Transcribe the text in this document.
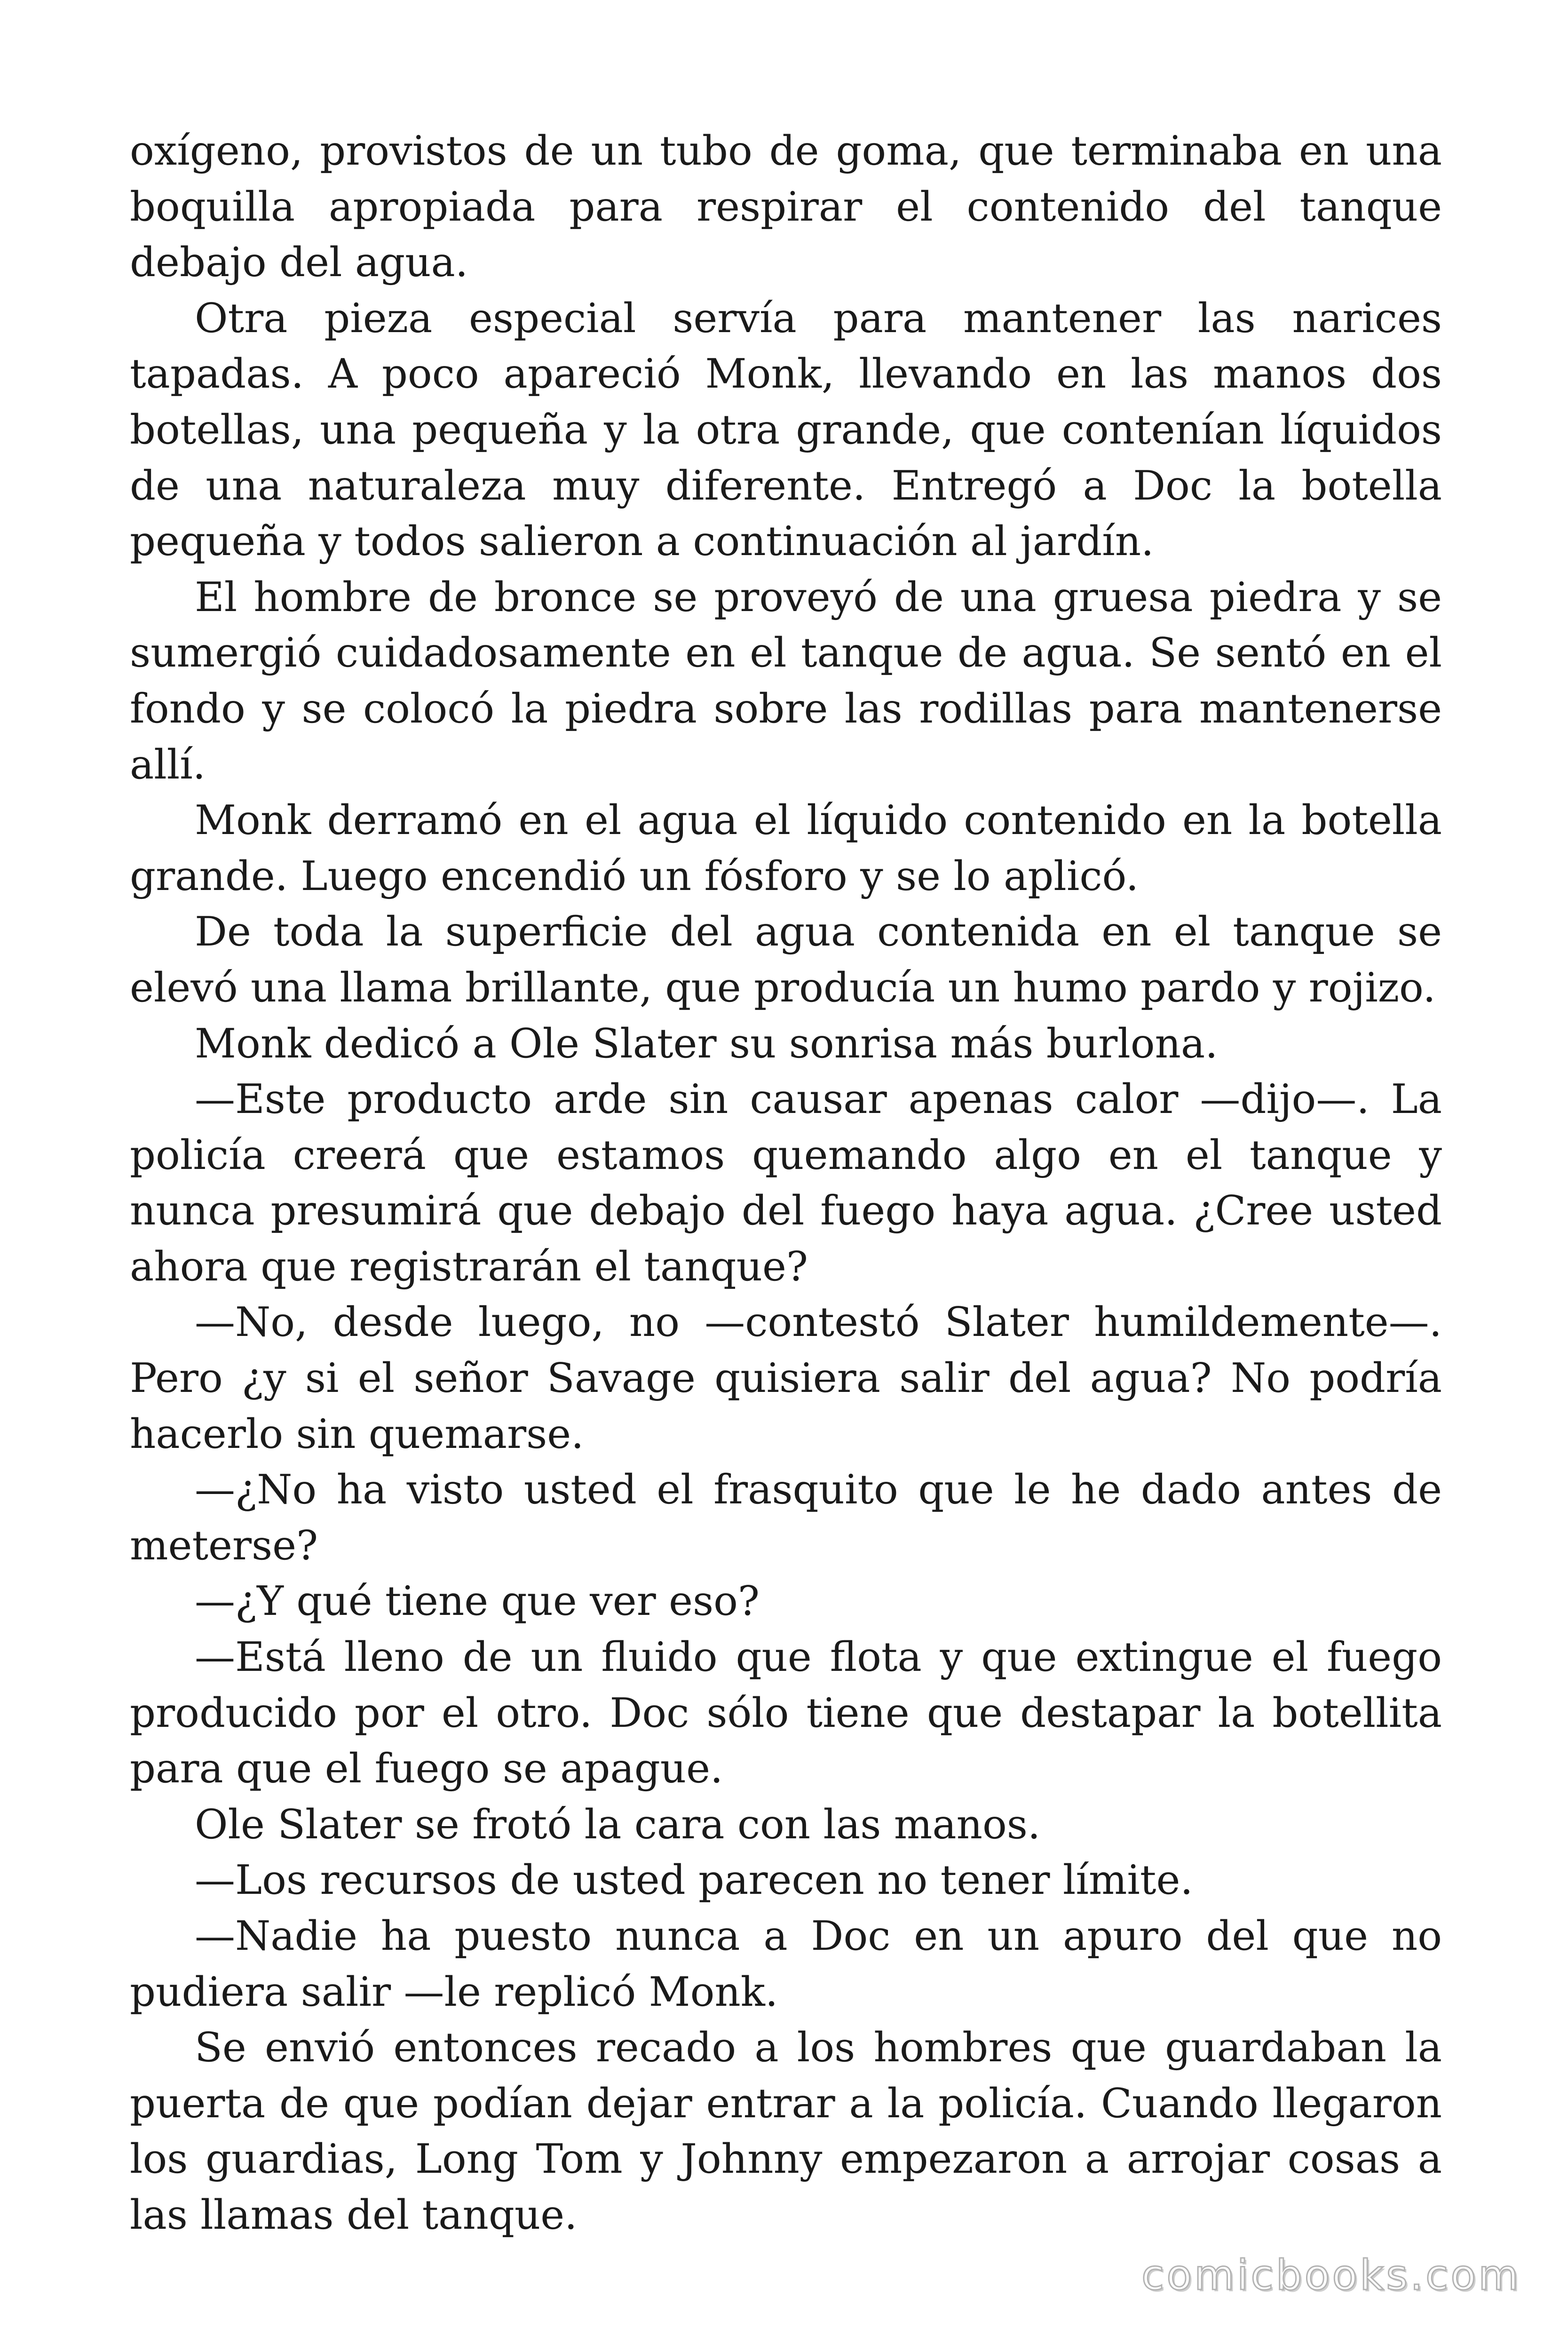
oxígeno, provistos de un tubo de goma, que terminaba en una boquilla apropiada para respirar el contenido del tanque debajo del agua.

Otra pieza especial servía para mantener las narices tapadas. A poco apareció Monk, llevando en las manos dos botellas, una pequeña y la otra grande, que contenían líquidos de una naturaleza muy diferente. Entregó a Doc la botella pequeña y todos salieron a continuación al jardín.

El hombre de bronce se proveyó de una gruesa piedra y se sumergió cuidadosamente en el tanque de agua. Se sentó en el fondo y se colocó la piedra sobre las rodillas para mantenerse allí.

Monk derramó en el agua el líquido contenido en la botella grande. Luego encendió un fósforo y se lo aplicó.

De toda la superficie del agua contenida en el tanque se elevó una llama brillante, que producía un humo pardo y rojizo.

Monk dedicó a Ole Slater su sonrisa más burlona.

—Este producto arde sin causar apenas calor —dijo—. La policía creerá que estamos quemando algo en el tanque y nunca presumirá que debajo del fuego haya agua. ¿Cree usted ahora que registrarán el tanque?

—No, desde luego, no —contestó Slater humildemente—. Pero ¿y si el señor Savage quisiera salir del agua? No podría hacerlo sin quemarse.

—¿No ha visto usted el frasquito que le he dado antes de meterse?

—¿Y qué tiene que ver eso?

—Está lleno de un fluido que flota y que extingue el fuego producido por el otro. Doc sólo tiene que destapar la botellita para que el fuego se apague.

Ole Slater se frotó la cara con las manos.

—Los recursos de usted parecen no tener límite.

—Nadie ha puesto nunca a Doc en un apuro del que no pudiera salir —le replicó Monk.

Se envió entonces recado a los hombres que guardaban la puerta de que podían dejar entrar a la policía. Cuando llegaron los guardias, Long Tom y Johnny empezaron a arrojar cosas a las llamas del tanque.

comicbooks.com
